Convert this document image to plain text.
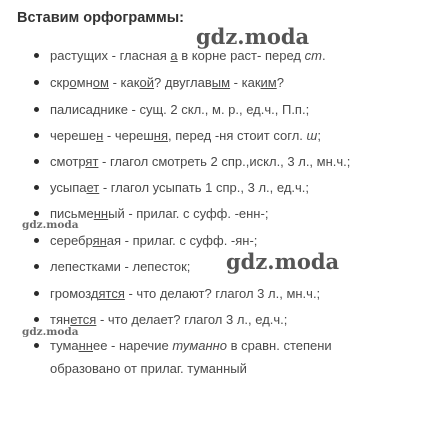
Вставим орфограммы:
растущих - гласная а в корне раст- перед ст.
скромном - какой? двуглавым - каким?
палисаднике - сущ. 2 скл., м. р., ед.ч., П.п.;
черешен - черешня, перед -ня стоит согл. ш;
смотрят - глагол смотреть 2 спр.,искл., 3 л., мн.ч.;
усыпает - глагол усыпать 1 спр., 3 л., ед.ч.;
письменный - прилаг. с суфф. -енн-;
серебряная - прилаг. с суфф. -ян-;
лепестками - лепесток;
громоздятся - что делают? глагол 3 л., мн.ч.;
тянется - что делает? глагол 3 л., ед.ч.;
туманнее - наречие туманно в сравн. степени
образовано от прилаг. туманный
gdz.moda
gdz.moda
gdz.moda
gdz.moda
